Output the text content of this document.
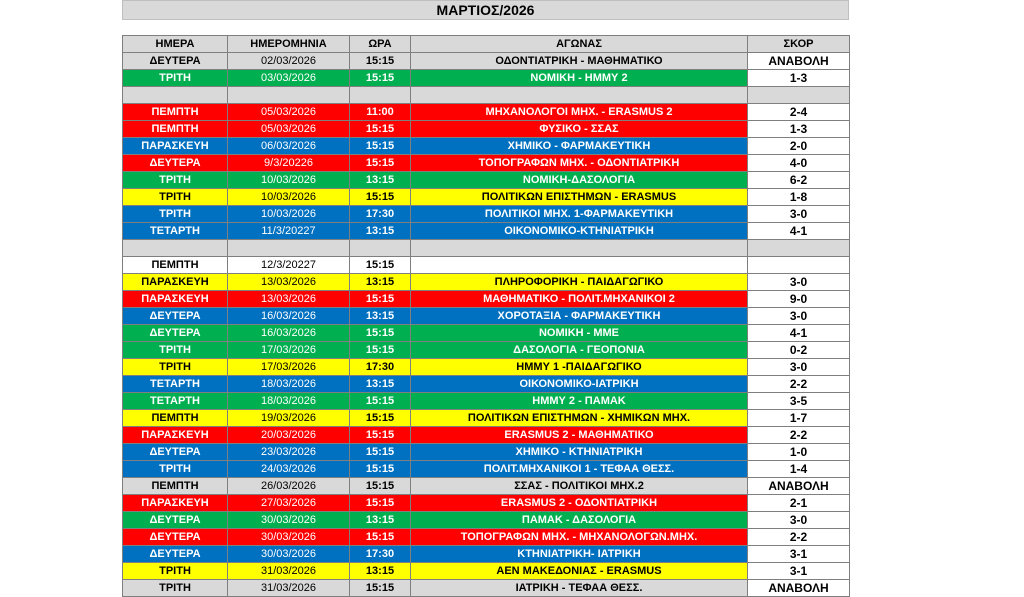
ΜΑΡΤΙΟΣ/2026
ΗΜΕΡΑ	ΗΜΕΡΟΜΗΝΙΑ	ΩΡΑ	ΑΓΩΝΑΣ	ΣΚΟΡ
ΔΕΥΤΕΡΑ	02/03/2026	15:15	ΟΔΟΝΤΙΑΤΡΙΚΗ - ΜΑΘΗΜΑΤΙΚΟ	ΑΝΑΒΟΛΗ
ΤΡΙΤΗ	03/03/2026	15:15	ΝΟΜΙΚΗ - ΗΜΜΥ 2	1-3

ΠΕΜΠΤΗ	05/03/2026	11:00	ΜΗΧΑΝΟΛΟΓΟΙ ΜΗΧ. - ERASMUS 2	2-4
ΠΕΜΠΤΗ	05/03/2026	15:15	ΦΥΣΙΚΟ - ΣΣΑΣ	1-3
ΠΑΡΑΣΚΕΥΗ	06/03/2026	15:15	ΧΗΜΙΚΟ - ΦΑΡΜΑΚΕΥΤΙΚΗ	2-0
ΔΕΥΤΕΡΑ	9/3/20226	15:15	ΤΟΠΟΓΡΑΦΩΝ ΜΗΧ. - ΟΔΟΝΤΙΑΤΡΙΚΗ	4-0
ΤΡΙΤΗ	10/03/2026	13:15	ΝΟΜΙΚΗ-ΔΑΣΟΛΟΓΙΑ	6-2
ΤΡΙΤΗ	10/03/2026	15:15	ΠΟΛΙΤΙΚΩΝ ΕΠΙΣΤΗΜΩΝ - ERASMUS	1-8
ΤΡΙΤΗ	10/03/2026	17:30	ΠΟΛΙΤΙΚΟΙ ΜΗΧ. 1-ΦΑΡΜΑΚΕΥΤΙΚΗ	3-0
ΤΕΤΑΡΤΗ	11/3/20227	13:15	ΟΙΚΟΝΟΜΙΚΟ-ΚΤΗΝΙΑΤΡΙΚΗ	4-1

ΠΕΜΠΤΗ	12/3/20227	15:15		
ΠΑΡΑΣΚΕΥΗ	13/03/2026	13:15	ΠΛΗΡΟΦΟΡΙΚΗ - ΠΑΙΔΑΓΩΓΙΚΟ	3-0
ΠΑΡΑΣΚΕΥΗ	13/03/2026	15:15	ΜΑΘΗΜΑΤΙΚΟ - ΠΟΛΙΤ.ΜΗΧΑΝΙΚΟΙ 2	9-0
ΔΕΥΤΕΡΑ	16/03/2026	13:15	ΧΟΡΟΤΑΞΙΑ - ΦΑΡΜΑΚΕΥΤΙΚΗ	3-0
ΔΕΥΤΕΡΑ	16/03/2026	15:15	ΝΟΜΙΚΗ - ΜΜΕ	4-1
ΤΡΙΤΗ	17/03/2026	15:15	ΔΑΣΟΛΟΓΙΑ - ΓΕΟΠΟΝΙΑ	0-2
ΤΡΙΤΗ	17/03/2026	17:30	ΗΜΜΥ 1 -ΠΑΙΔΑΓΩΓΙΚΟ	3-0
ΤΕΤΑΡΤΗ	18/03/2026	13:15	ΟΙΚΟΝΟΜΙΚΟ-ΙΑΤΡΙΚΗ	2-2
ΤΕΤΑΡΤΗ	18/03/2026	15:15	ΗΜΜΥ 2 - ΠΑΜΑΚ	3-5
ΠΕΜΠΤΗ	19/03/2026	15:15	ΠΟΛΙΤΙΚΩΝ ΕΠΙΣΤΗΜΩΝ - ΧΗΜΙΚΩΝ ΜΗΧ.	1-7
ΠΑΡΑΣΚΕΥΗ	20/03/2026	15:15	ERASMUS 2 - ΜΑΘΗΜΑΤΙΚΟ	2-2
ΔΕΥΤΕΡΑ	23/03/2026	15:15	ΧΗΜΙΚΟ - ΚΤΗΝΙΑΤΡΙΚΗ	1-0
ΤΡΙΤΗ	24/03/2026	15:15	ΠΟΛΙΤ.ΜΗΧΑΝΙΚΟΙ 1 - ΤΕΦΑΑ ΘΕΣΣ.	1-4
ΠΕΜΠΤΗ	26/03/2026	15:15	ΣΣΑΣ - ΠΟΛΙΤΙΚΟΙ ΜΗΧ.2	ΑΝΑΒΟΛΗ
ΠΑΡΑΣΚΕΥΗ	27/03/2026	15:15	ERASMUS 2 - ΟΔΟΝΤΙΑΤΡΙΚΗ	2-1
ΔΕΥΤΕΡΑ	30/03/2026	13:15	ΠΑΜΑΚ - ΔΑΣΟΛΟΓΙΑ	3-0
ΔΕΥΤΕΡΑ	30/03/2026	15:15	ΤΟΠΟΓΡΑΦΩΝ ΜΗΧ. - ΜΗΧΑΝΟΛΟΓΩΝ.ΜΗΧ.	2-2
ΔΕΥΤΕΡΑ	30/03/2026	17:30	ΚΤΗΝΙΑΤΡΙΚΗ- ΙΑΤΡΙΚΗ	3-1
ΤΡΙΤΗ	31/03/2026	13:15	ΑΕΝ ΜΑΚΕΔΟΝΙΑΣ - ERASMUS	3-1
ΤΡΙΤΗ	31/03/2026	15:15	ΙΑΤΡΙΚΗ - ΤΕΦΑΑ ΘΕΣΣ.	ΑΝΑΒΟΛΗ
